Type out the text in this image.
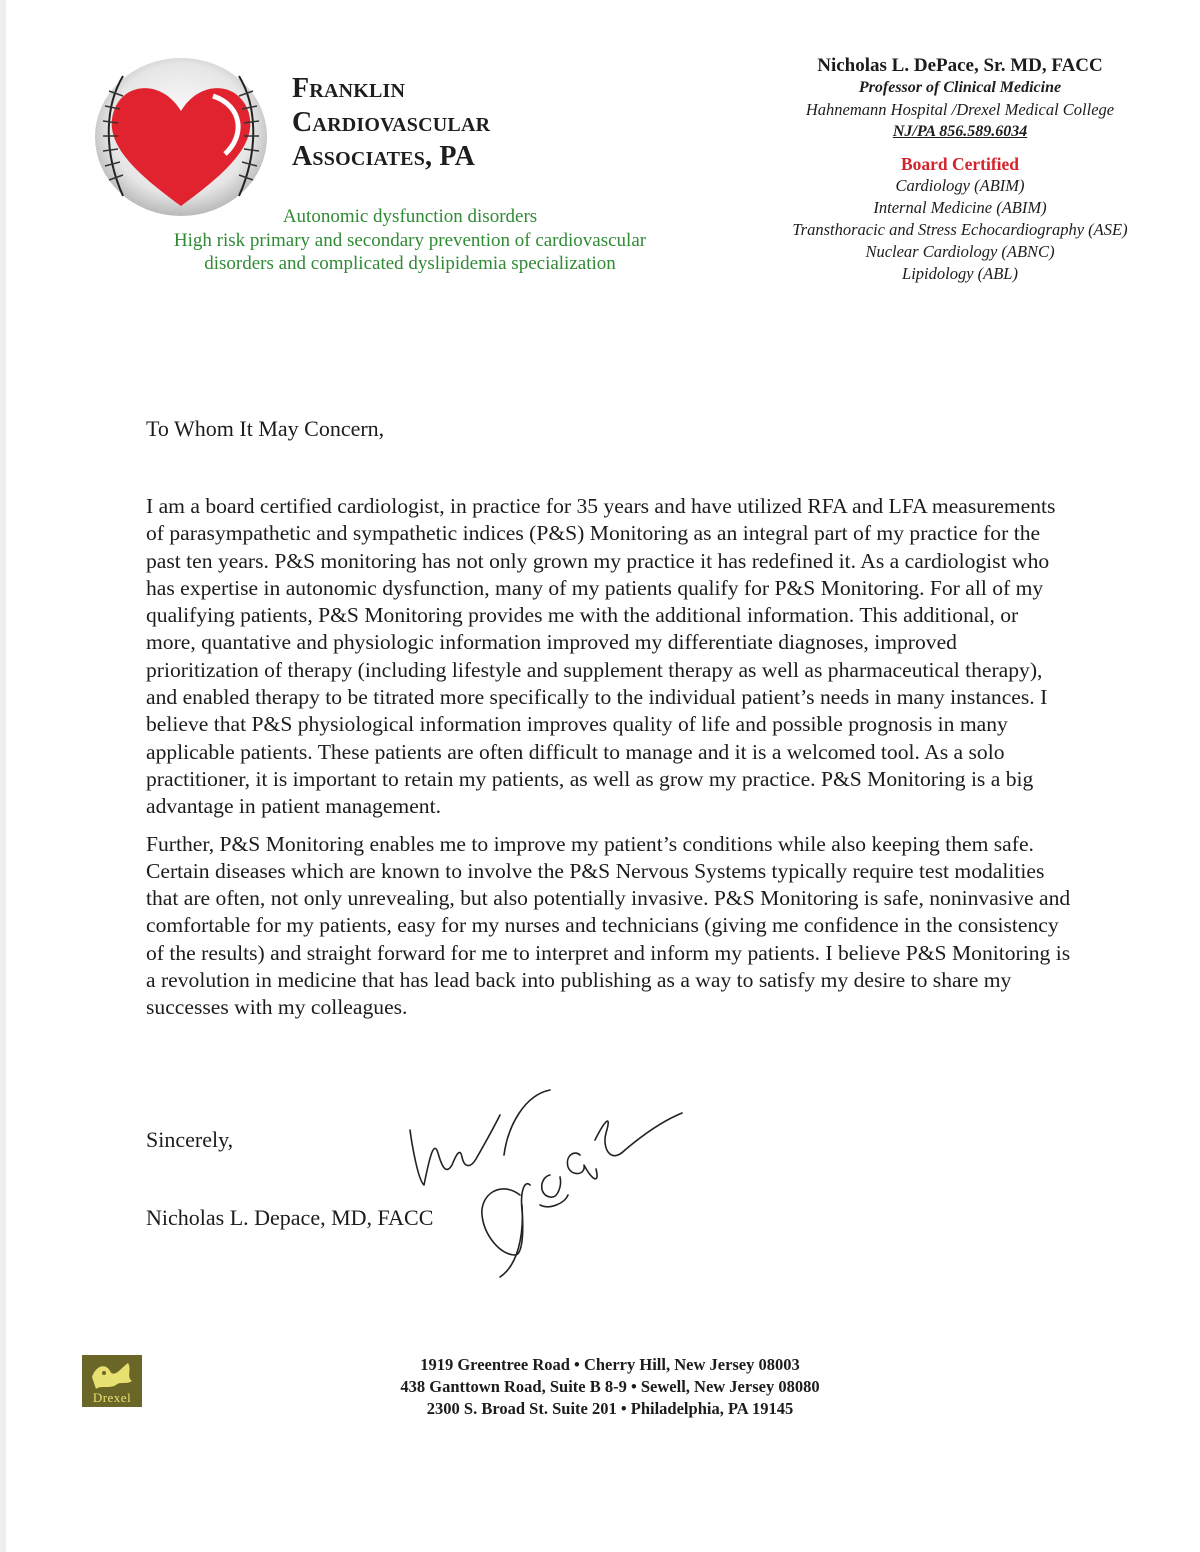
Franklin
Cardiovascular
Associates, PA
Autonomic dysfunction disorders
High risk primary and secondary prevention of cardiovascular
disorders and complicated dyslipidemia specialization
Nicholas L. DePace, Sr. MD, FACC
Professor of Clinical Medicine
Hahnemann Hospital /Drexel Medical College
NJ/PA 856.589.6034
Board Certified
Cardiology (ABIM)
Internal Medicine (ABIM)
Transthoracic and Stress Echocardiography (ASE)
Nuclear Cardiology (ABNC)
Lipidology (ABL)
To Whom It May Concern,

I am a board certified cardiologist, in practice for 35 years and have utilized RFA and LFA measurements of parasympathetic and sympathetic indices (P&S) Monitoring as an integral part of my practice for the past ten years. P&S monitoring has not only grown my practice it has redefined it. As a cardiologist who has expertise in autonomic dysfunction, many of my patients qualify for P&S Monitoring. For all of my qualifying patients, P&S Monitoring provides me with the additional information. This additional, or more, quantative and physiologic information improved my differentiate diagnoses, improved prioritization of therapy (including lifestyle and supplement therapy as well as pharmaceutical therapy), and enabled therapy to be titrated more specifically to the individual patient’s needs in many instances. I believe that P&S physiological information improves quality of life and possible prognosis in many applicable patients. These patients are often difficult to manage and it is a welcomed tool. As a solo practitioner, it is important to retain my patients, as well as grow my practice. P&S Monitoring is a big advantage in patient management.

Further, P&S Monitoring enables me to improve my patient’s conditions while also keeping them safe. Certain diseases which are known to involve the P&S Nervous Systems typically require test modalities that are often, not only unrevealing, but also potentially invasive. P&S Monitoring is safe, noninvasive and comfortable for my patients, easy for my nurses and technicians (giving me confidence in the consistency of the results) and straight forward for me to interpret and inform my patients. I believe P&S Monitoring is a revolution in medicine that has lead back into publishing as a way to satisfy my desire to share my successes with my colleagues.

Sincerely,
Nicholas L. Depace, MD, FACC
Drexel
1919 Greentree Road • Cherry Hill, New Jersey 08003
438 Ganttown Road, Suite B 8-9 • Sewell, New Jersey 08080
2300 S. Broad St. Suite 201 • Philadelphia, PA 19145
